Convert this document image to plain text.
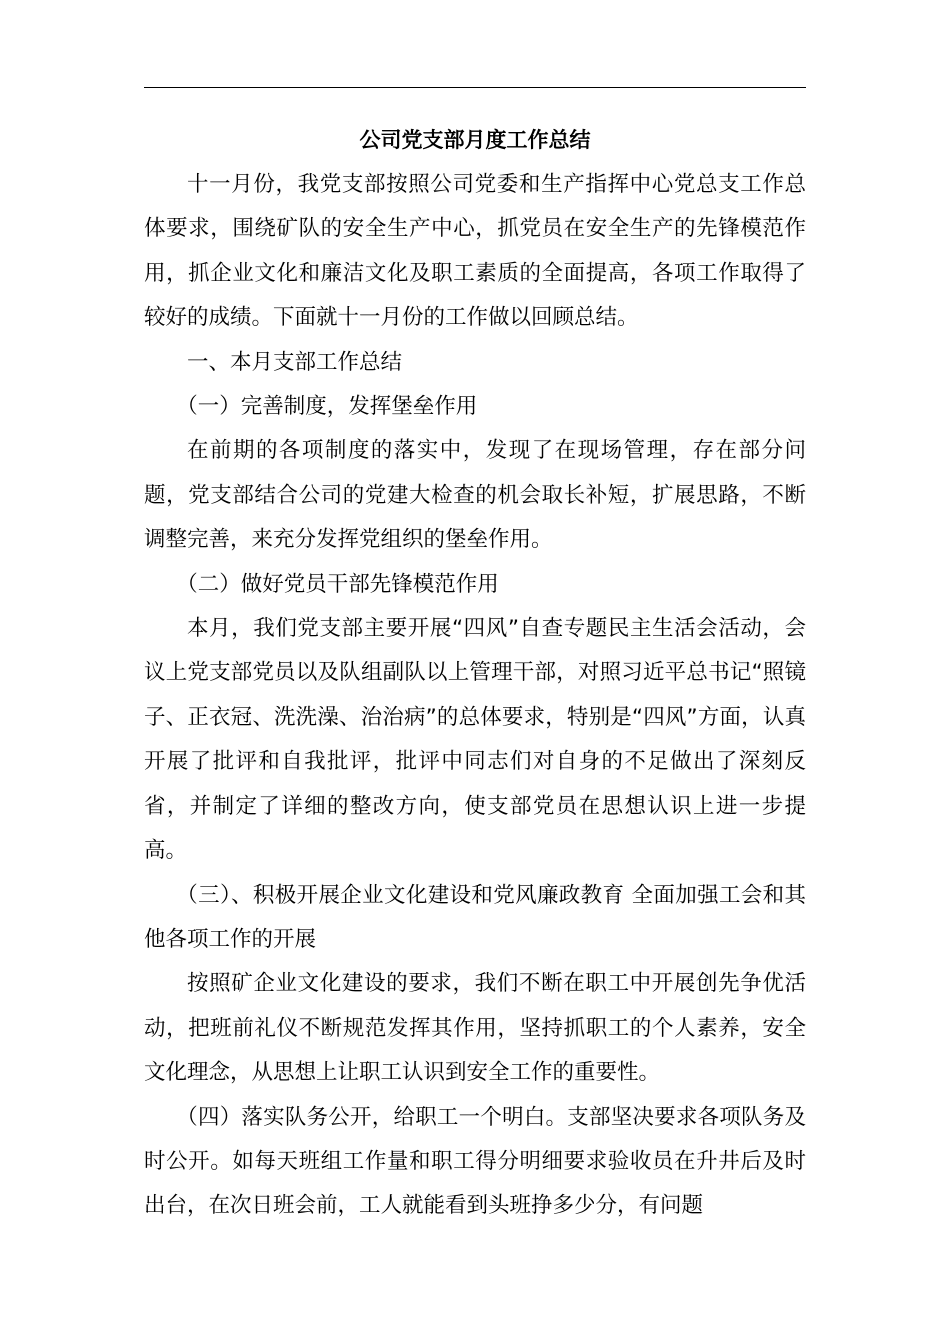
公司党支部月度工作总结

十一月份，我党支部按照公司党委和生产指挥中心党总支工作总体要求，围绕矿队的安全生产中心，抓党员在安全生产的先锋模范作用，抓企业文化和廉洁文化及职工素质的全面提高，各项工作取得了较好的成绩。下面就十一月份的工作做以回顾总结。

一、本月支部工作总结

（一）完善制度，发挥堡垒作用

在前期的各项制度的落实中，发现了在现场管理，存在部分问题，党支部结合公司的党建大检查的机会取长补短，扩展思路，不断调整完善，来充分发挥党组织的堡垒作用。

（二）做好党员干部先锋模范作用

本月，我们党支部主要开展“四风”自查专题民主生活会活动，会议上党支部党员以及队组副队以上管理干部，对照习近平总书记“照镜子、正衣冠、洗洗澡、治治病”的总体要求，特别是“四风”方面，认真开展了批评和自我批评，批评中同志们对自身的不足做出了深刻反省，并制定了详细的整改方向，使支部党员在思想认识上进一步提高。

（三）、积极开展企业文化建设和党风廉政教育 全面加强工会和其他各项工作的开展

按照矿企业文化建设的要求，我们不断在职工中开展创先争优活动，把班前礼仪不断规范发挥其作用，坚持抓职工的个人素养，安全文化理念，从思想上让职工认识到安全工作的重要性。

（四）落实队务公开，给职工一个明白。支部坚决要求各项队务及时公开。如每天班组工作量和职工得分明细要求验收员在升井后及时出台，在次日班会前，工人就能看到头班挣多少分，有问题
